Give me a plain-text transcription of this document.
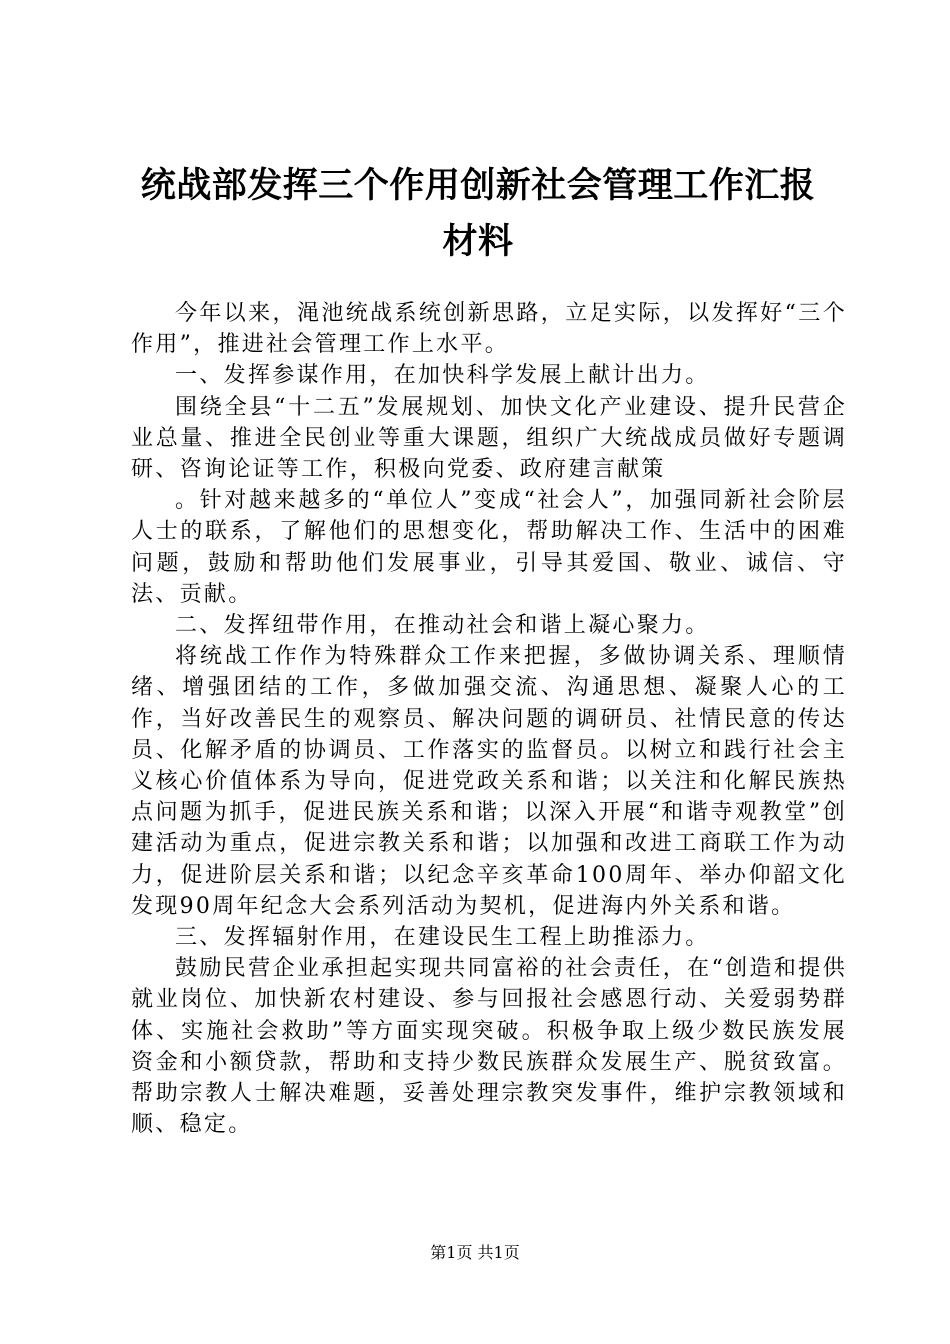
统战部发挥三个作用创新社会管理工作汇报材料

今年以来，渑池统战系统创新思路，立足实际，以发挥好“三个作用”，推进社会管理工作上水平。

一、发挥参谋作用，在加快科学发展上献计出力。

围绕全县“十二五”发展规划、加快文化产业建设、提升民营企业总量、推进全民创业等重大课题，组织广大统战成员做好专题调研、咨询论证等工作，积极向党委、政府建言献策

。针对越来越多的“单位人”变成“社会人”，加强同新社会阶层人士的联系，了解他们的思想变化，帮助解决工作、生活中的困难问题，鼓励和帮助他们发展事业，引导其爱国、敬业、诚信、守法、贡献。

二、发挥纽带作用，在推动社会和谐上凝心聚力。

将统战工作作为特殊群众工作来把握，多做协调关系、理顺情绪、增强团结的工作，多做加强交流、沟通思想、凝聚人心的工作，当好改善民生的观察员、解决问题的调研员、社情民意的传达员、化解矛盾的协调员、工作落实的监督员。以树立和践行社会主义核心价值体系为导向，促进党政关系和谐；以关注和化解民族热点问题为抓手，促进民族关系和谐；以深入开展“和谐寺观教堂”创建活动为重点，促进宗教关系和谐；以加强和改进工商联工作为动力，促进阶层关系和谐；以纪念辛亥革命100周年、举办仰韶文化发现90周年纪念大会系列活动为契机，促进海内外关系和谐。

三、发挥辐射作用，在建设民生工程上助推添力。

鼓励民营企业承担起实现共同富裕的社会责任，在“创造和提供就业岗位、加快新农村建设、参与回报社会感恩行动、关爱弱势群体、实施社会救助”等方面实现突破。积极争取上级少数民族发展资金和小额贷款，帮助和支持少数民族群众发展生产、脱贫致富。帮助宗教人士解决难题，妥善处理宗教突发事件，维护宗教领域和顺、稳定。

第1页 共1页
